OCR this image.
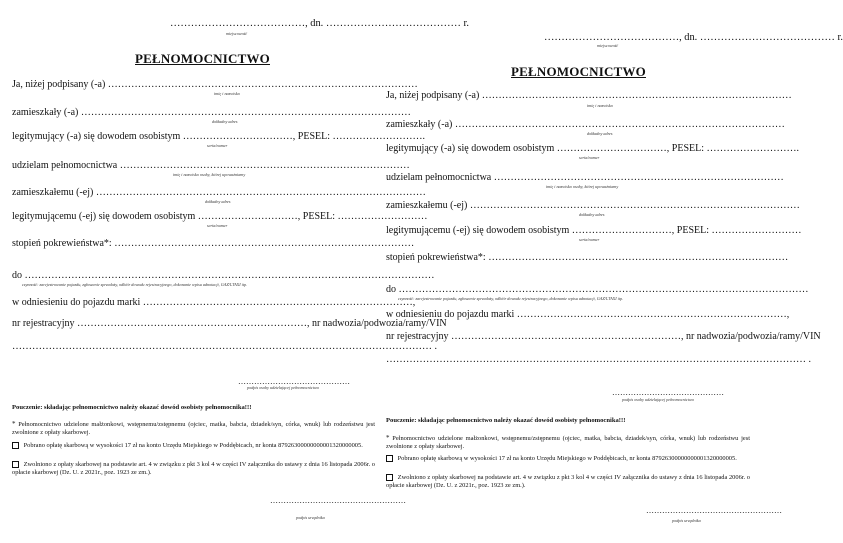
…………………………………, dn. ………………………………… r.
miejscowość
PEŁNOMOCNICTWO
Ja, niżej podpisany (-a) …………………………………………………………………………………
imię i nazwisko
zamieszkały (-a) ………………………………………………………………………………………
dokładny adres
legitymujący (-a) się dowodem osobistym ……………………………, PESEL: ……………………….
seria/numer
udzielam pełnomocnictwa ……………………………………………………………………………
imię i nazwisko osoby, której upoważniamy
zamieszkałemu (-ej) ………………………………………………………………………………………
dokładny adres
legitymującemu (-ej) się dowodem osobistym …………………………, PESEL: ………………………
seria/numer
stopień pokrewieństwa*: ………………………………………………………………………………
do ……………………………………………………………………………………………………………
czynność: zarejestrowanie pojazdu, zgłoszenie sprzedaży, odbiór dowodu rejestracyjnego, dokonanie wpisu adnotacji, GAZ/LTAXI itp.
w odniesieniu do pojazdu marki ………………………………………………………………………,
nr rejestracyjny ……………………………………………………………, nr nadwozia/podwozia/ramy/VIN
……………………………………………………………………………………………………………… .
……………………………………
podpis osoby udzielającej pełnomocnictwa
Pouczenie: składając pełnomocnictwo należy okazać dowód osobisty pełnomocnika!!!
* Pełnomocnictwo udzielone małżonkowi, wstępnemu/zstępnemu (ojciec, matka, babcia, dziadek/syn, córka, wnuk) lub rodzeństwu jest zwolnione z opłaty skarbowej.
Pobrano opłatę skarbową w wysokości 17 zł na konto Urzędu Miejskiego w Poddębicach, nr konta 87926300000000001320000005.
Zwolniono z opłaty skarbowej na podstawie art. 4 w związku z pkt 3 kol 4 w części IV załącznika do ustawy z dnia 16 listopada 2006r. o opłacie skarbowej (Dz. U. z 2021r., poz. 1923 ze zm.).
……………………………………………
podpis urzędnika
…………………………………, dn. ………………………………… r.
miejscowość
PEŁNOMOCNICTWO
Ja, niżej podpisany (-a) …………………………………………………………………………………
imię i nazwisko
zamieszkały (-a) ………………………………………………………………………………………
dokładny adres
legitymujący (-a) się dowodem osobistym ……………………………, PESEL: ……………………….
seria/numer
udzielam pełnomocnictwa ……………………………………………………………………………
imię i nazwisko osoby, której upoważniamy
zamieszkałemu (-ej) ………………………………………………………………………………………
dokładny adres
legitymującemu (-ej) się dowodem osobistym …………………………, PESEL: ………………………
seria/numer
stopień pokrewieństwa*: ………………………………………………………………………………
do ……………………………………………………………………………………………………………
czynność: zarejestrowanie pojazdu, zgłoszenie sprzedaży, odbiór dowodu rejestracyjnego, dokonanie wpisu adnotacji, GAZ/LTAXI itp.
w odniesieniu do pojazdu marki ………………………………………………………………………,
nr rejestracyjny ……………………………………………………………, nr nadwozia/podwozia/ramy/VIN
……………………………………………………………………………………………………………… .
……………………………………
podpis osoby udzielającej pełnomocnictwa
Pouczenie: składając pełnomocnictwo należy okazać dowód osobisty pełnomocnika!!!
* Pełnomocnictwo udzielone małżonkowi, wstępnemu/zstępnemu (ojciec, matka, babcia, dziadek/syn, córka, wnuk) lub rodzeństwu jest zwolnione z opłaty skarbowej.
Pobrano opłatę skarbową w wysokości 17 zł na konto Urzędu Miejskiego w Poddębicach, nr konta 87926300000000001320000005.
Zwolniono z opłaty skarbowej na podstawie art. 4 w związku z pkt 3 kol 4 w części IV załącznika do ustawy z dnia 16 listopada 2006r. o opłacie skarbowej (Dz. U. z 2021r., poz. 1923 ze zm.).
……………………………………………
podpis urzędnika
